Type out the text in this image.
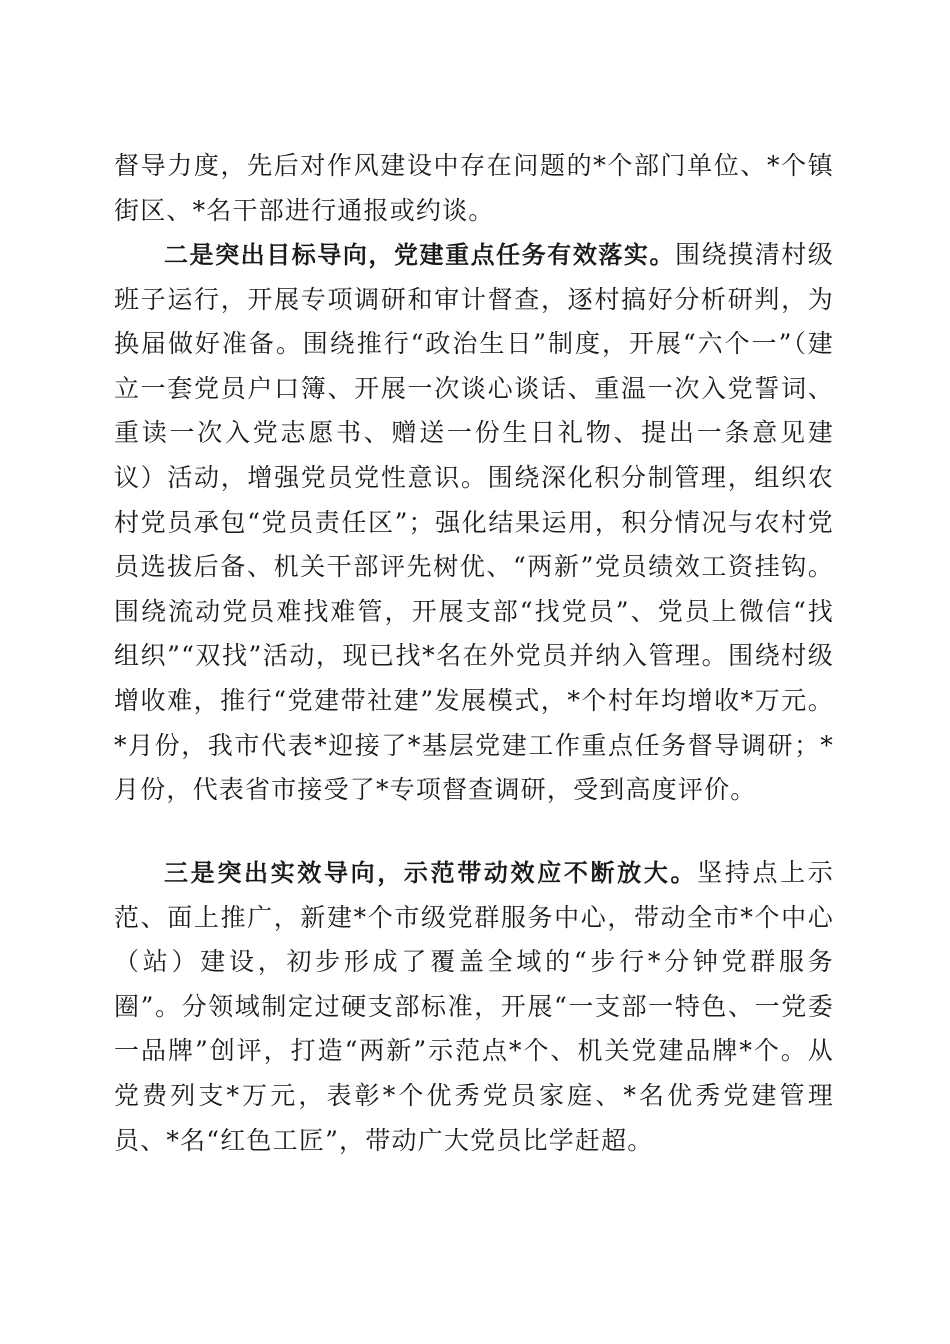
督导力度，先后对作风建设中存在问题的*个部门单位、*个镇街区、*名干部进行通报或约谈。

二是突出目标导向，党建重点任务有效落实。围绕摸清村级班子运行，开展专项调研和审计督查，逐村搞好分析研判，为换届做好准备。围绕推行“政治生日”制度，开展“六个一”（建立一套党员户口簿、开展一次谈心谈话、重温一次入党誓词、重读一次入党志愿书、赠送一份生日礼物、提出一条意见建议）活动，增强党员党性意识。围绕深化积分制管理，组织农村党员承包“党员责任区”；强化结果运用，积分情况与农村党员选拔后备、机关干部评先树优、“两新”党员绩效工资挂钩。围绕流动党员难找难管，开展支部“找党员”、党员上微信“找组织”“双找”活动，现已找*名在外党员并纳入管理。围绕村级增收难，推行“党建带社建”发展模式，*个村年均增收*万元。*月份，我市代表*迎接了*基层党建工作重点任务督导调研；*月份，代表省市接受了*专项督查调研，受到高度评价。

三是突出实效导向，示范带动效应不断放大。坚持点上示范、面上推广，新建*个市级党群服务中心，带动全市*个中心（站）建设，初步形成了覆盖全域的“步行*分钟党群服务圈”。分领域制定过硬支部标准，开展“一支部一特色、一党委一品牌”创评，打造“两新”示范点*个、机关党建品牌*个。从党费列支*万元，表彰*个优秀党员家庭、*名优秀党建管理员、*名“红色工匠”，带动广大党员比学赶超。
